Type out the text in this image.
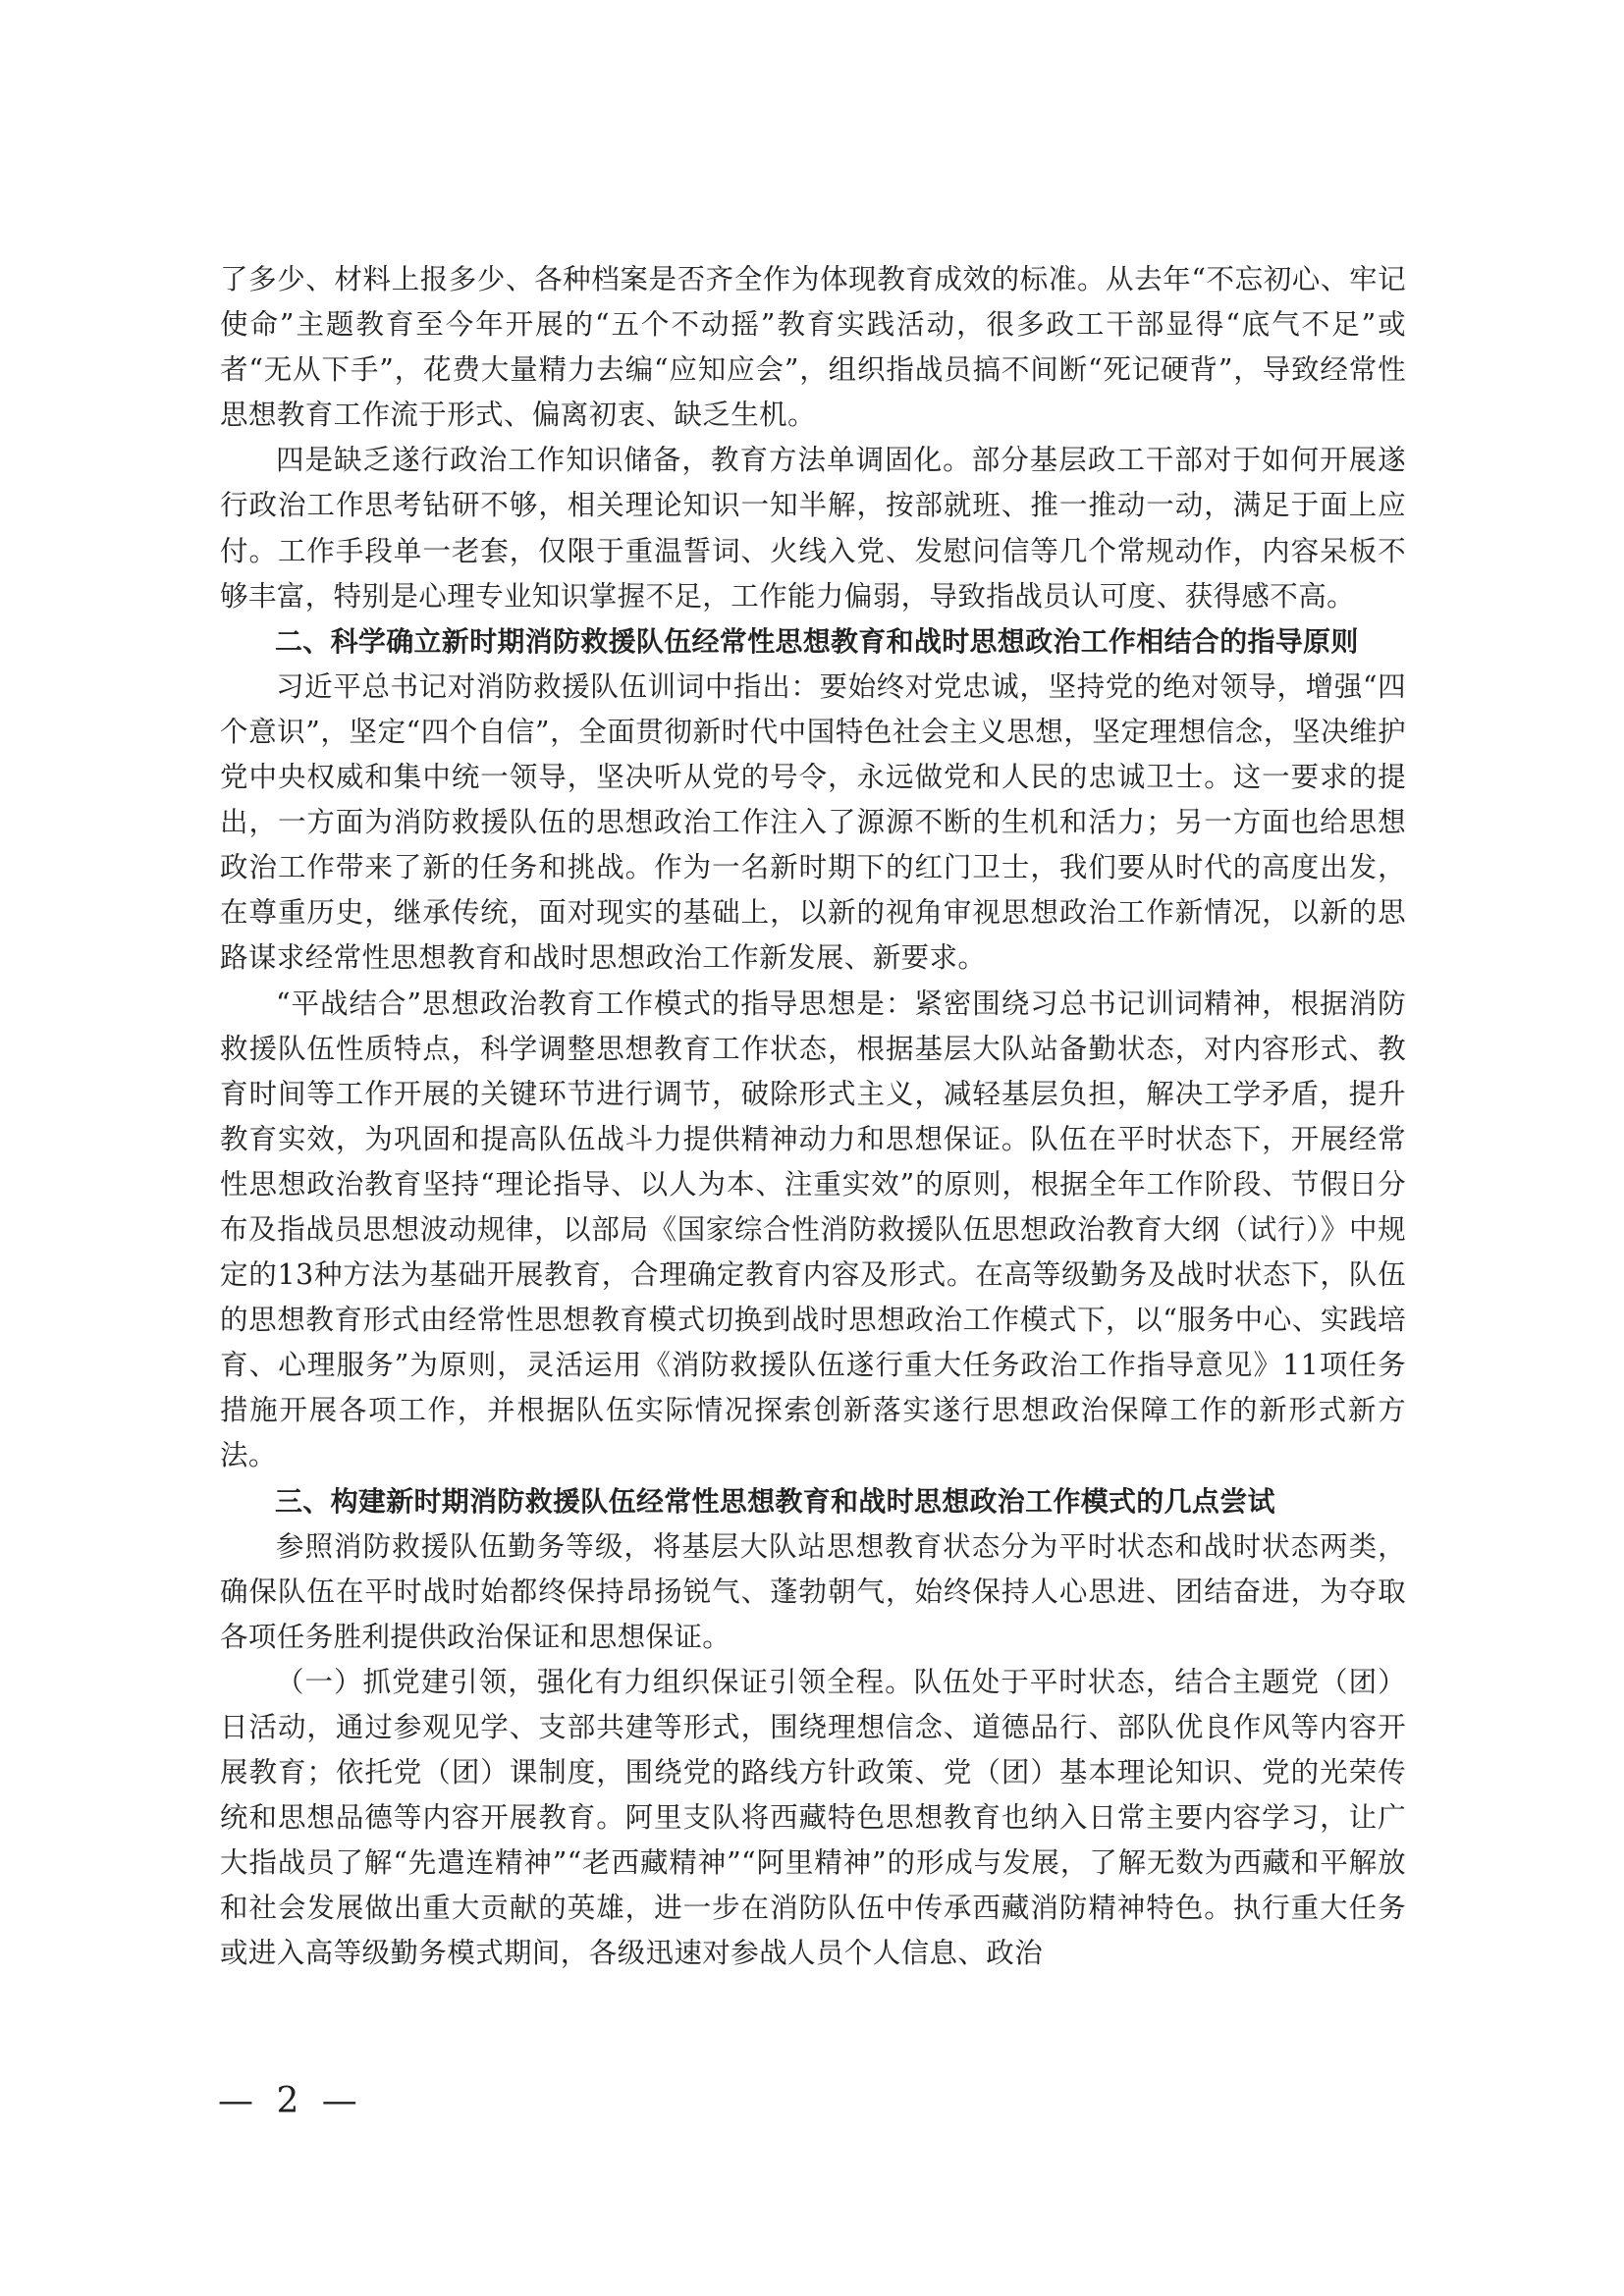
了多少、材料上报多少、各种档案是否齐全作为体现教育成效的标准。从去年“不忘初心、牢记使命”主题教育至今年开展的“五个不动摇”教育实践活动，很多政工干部显得“底气不足”或者“无从下手”，花费大量精力去编“应知应会”，组织指战员搞不间断“死记硬背”，导致经常性思想教育工作流于形式、偏离初衷、缺乏生机。

四是缺乏遂行政治工作知识储备，教育方法单调固化。部分基层政工干部对于如何开展遂行政治工作思考钻研不够，相关理论知识一知半解，按部就班、推一推动一动，满足于面上应付。工作手段单一老套，仅限于重温誓词、火线入党、发慰问信等几个常规动作，内容呆板不够丰富，特别是心理专业知识掌握不足，工作能力偏弱，导致指战员认可度、获得感不高。

二、科学确立新时期消防救援队伍经常性思想教育和战时思想政治工作相结合的指导原则

习近平总书记对消防救援队伍训词中指出：要始终对党忠诚，坚持党的绝对领导，增强“四个意识”，坚定“四个自信”，全面贯彻新时代中国特色社会主义思想，坚定理想信念，坚决维护党中央权威和集中统一领导，坚决听从党的号令，永远做党和人民的忠诚卫士。这一要求的提出，一方面为消防救援队伍的思想政治工作注入了源源不断的生机和活力；另一方面也给思想政治工作带来了新的任务和挑战。作为一名新时期下的红门卫士，我们要从时代的高度出发，在尊重历史，继承传统，面对现实的基础上，以新的视角审视思想政治工作新情况，以新的思路谋求经常性思想教育和战时思想政治工作新发展、新要求。

“平战结合”思想政治教育工作模式的指导思想是：紧密围绕习总书记训词精神，根据消防救援队伍性质特点，科学调整思想教育工作状态，根据基层大队站备勤状态，对内容形式、教育时间等工作开展的关键环节进行调节，破除形式主义，减轻基层负担，解决工学矛盾，提升教育实效，为巩固和提高队伍战斗力提供精神动力和思想保证。队伍在平时状态下，开展经常性思想政治教育坚持“理论指导、以人为本、注重实效”的原则，根据全年工作阶段、节假日分布及指战员思想波动规律，以部局《国家综合性消防救援队伍思想政治教育大纲（试行）》中规定的13种方法为基础开展教育，合理确定教育内容及形式。在高等级勤务及战时状态下，队伍的思想教育形式由经常性思想教育模式切换到战时思想政治工作模式下，以“服务中心、实践培育、心理服务”为原则，灵活运用《消防救援队伍遂行重大任务政治工作指导意见》11项任务措施开展各项工作，并根据队伍实际情况探索创新落实遂行思想政治保障工作的新形式新方法。

三、构建新时期消防救援队伍经常性思想教育和战时思想政治工作模式的几点尝试

参照消防救援队伍勤务等级，将基层大队站思想教育状态分为平时状态和战时状态两类，确保队伍在平时战时始都终保持昂扬锐气、蓬勃朝气，始终保持人心思进、团结奋进，为夺取各项任务胜利提供政治保证和思想保证。

（一）抓党建引领，强化有力组织保证引领全程。队伍处于平时状态，结合主题党（团）日活动，通过参观见学、支部共建等形式，围绕理想信念、道德品行、部队优良作风等内容开展教育；依托党（团）课制度，围绕党的路线方针政策、党（团）基本理论知识、党的光荣传统和思想品德等内容开展教育。阿里支队将西藏特色思想教育也纳入日常主要内容学习，让广大指战员了解“先遣连精神”“老西藏精神”“阿里精神”的形成与发展，了解无数为西藏和平解放和社会发展做出重大贡献的英雄，进一步在消防队伍中传承西藏消防精神特色。执行重大任务或进入高等级勤务模式期间，各级迅速对参战人员个人信息、政治

— 2 —
